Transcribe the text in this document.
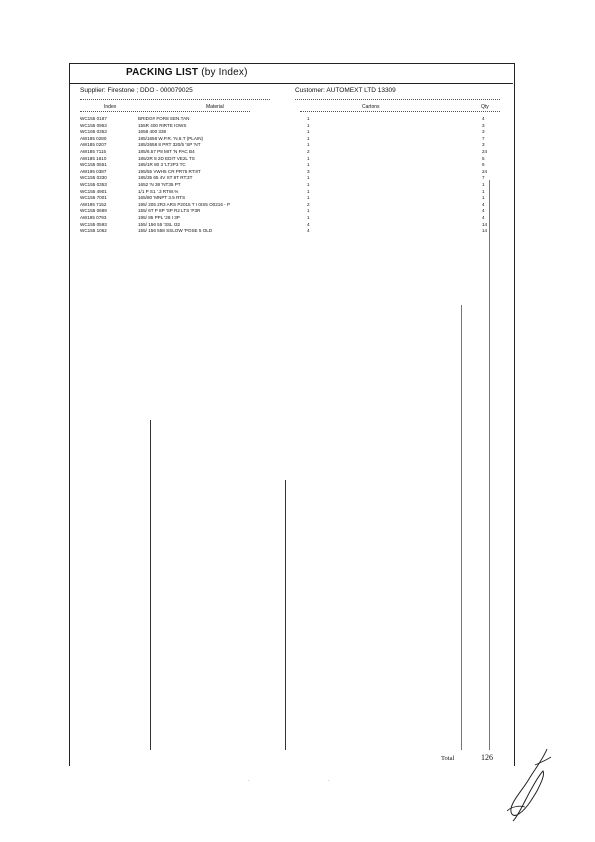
PACKING LIST (by Index)
Supplier: Firestone ; DDO - 000079025	Customer: AUTOMEXT LTD 13309
Index	Material	Cartons	Qty
WC155 0187	BRIDG# FOR8 SEN.TAN	1	4
WC155 0953	155R 400 RIRTE IOWS	1	3
WC165 0353	1658 400 338	1	3
AW185 0280	185/1658 W.P.R. 'N.8.T (PLAIN)	1	7
AW185 0207	185/2658 8 PRT 320/5 'SP 'NT	1	3
AW185 7115	185/6.57 P8 MIT 'N PAC B4	2	24
AW185 1610	185/2R 8 2D EDIT VE2L TS	1	5
WC155 0551	185/1R 80 3 'LT2P3 TC	1	6
AW195 0387	195/55 VWH5 CR PR75 RT:8T	3	24
WC155 0330	185/35 65 4V ST 8T RT:3T	1	7
WC155 0353	1652 'N 38 'NT35 PT	1	1
WC155 4901	1/1 P S1 '.3 RTW.%	1	1
WC155 7001	165/80 'MNPT 3.5 RTS	1	1
AW195 7152	195/ 205 2R3 ARS P2015 T I 0IS5 O0216 - P	2	4
WC155 0689	155/ 6T P 8P 'SP R2 LTS 'P3R	1	4
AW195 0793	195/ 85 PPL '28 I 3P	1	4
WC155 0593	155/ 156 55 '3SL I32	4	14
WC155 1062	155/ 156 558 SSLOW 'POSE 5 OLD	4	14
Total	126
·	·
